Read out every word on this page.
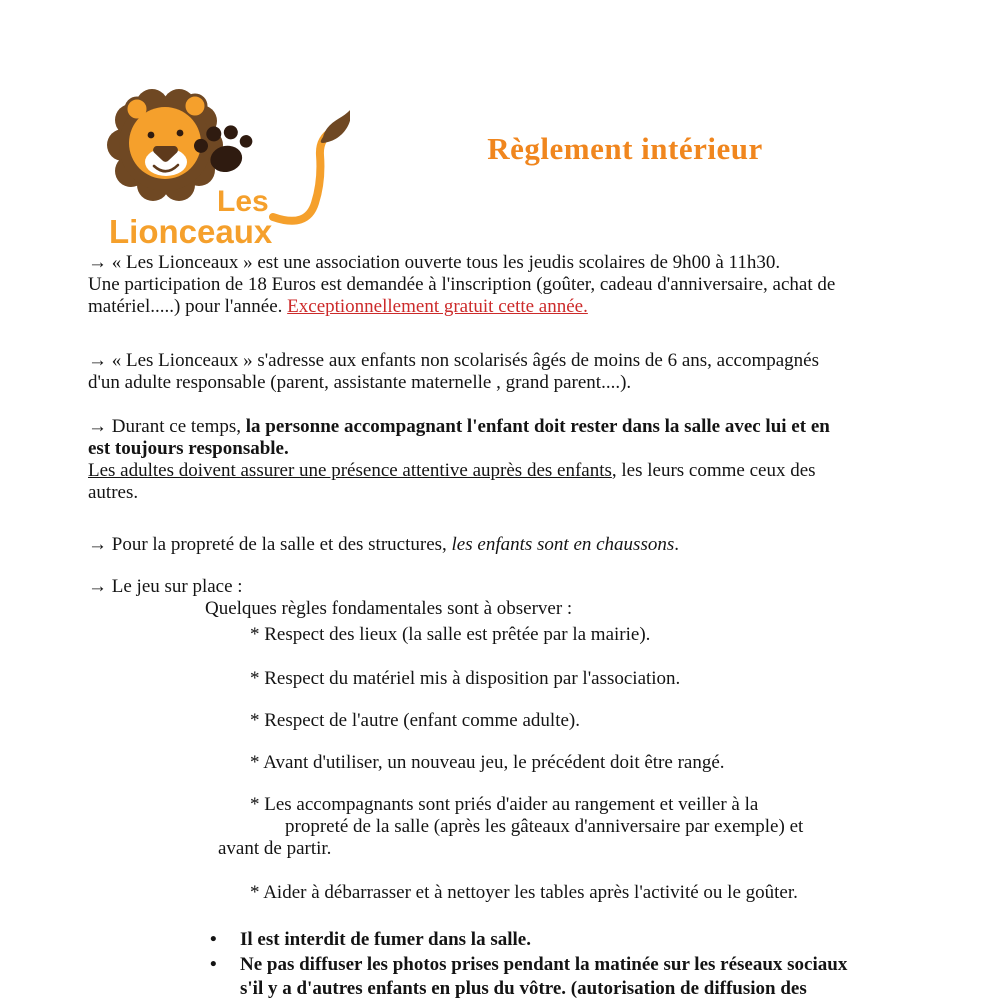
Les
Lionceaux
Règlement intérieur
→ « Les Lionceaux » est une association ouverte tous les jeudis scolaires de 9h00 à 11h30.
Une participation de 18 Euros est demandée à l'inscription (goûter, cadeau d'anniversaire, achat de
matériel.....) pour l'année. Exceptionnellement gratuit cette année.
→ « Les Lionceaux » s'adresse aux enfants non scolarisés âgés de moins de 6 ans, accompagnés
d'un adulte responsable (parent, assistante maternelle , grand parent....).
→ Durant ce temps, la personne accompagnant l'enfant doit rester dans la salle avec lui et en
est toujours responsable.
Les adultes doivent assurer une présence attentive auprès des enfants, les leurs comme ceux des
autres.
→ Pour la propreté de la salle et des structures, les enfants sont en chaussons.
→ Le jeu sur place :
Quelques règles fondamentales sont à observer :
* Respect des lieux (la salle est prêtée par la mairie).
* Respect du matériel mis à disposition par l'association.
* Respect de l'autre (enfant comme adulte).
* Avant d'utiliser, un nouveau jeu, le précédent doit être rangé.
* Les accompagnants sont priés d'aider au rangement et veiller à la
propreté de la salle (après les gâteaux d'anniversaire par exemple) et
avant de partir.
* Aider à débarrasser et à nettoyer les tables après l'activité ou le goûter.
•	Il est interdit de fumer dans la salle.
•	Ne pas diffuser les photos prises pendant la matinée sur les réseaux sociaux
s'il y a d'autres enfants en plus du vôtre. (autorisation de diffusion des
